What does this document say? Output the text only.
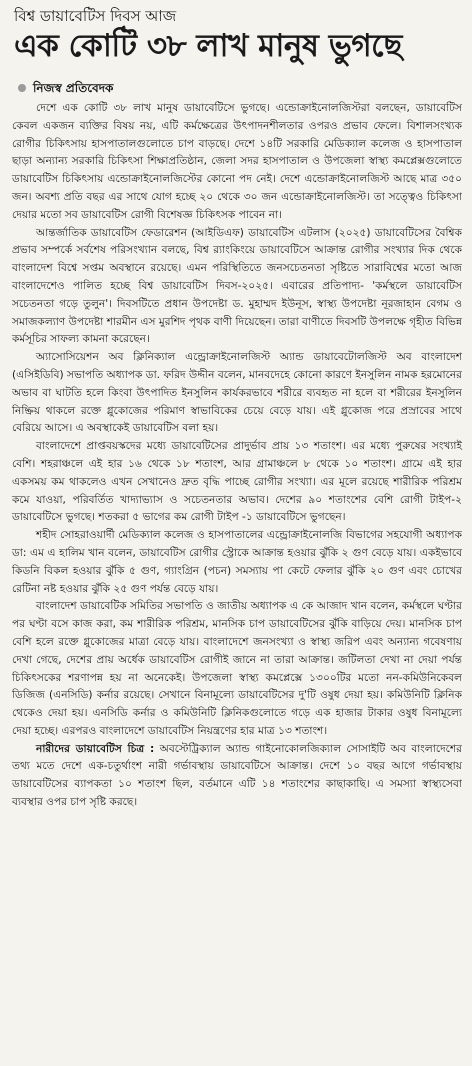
বিশ্ব ডায়াবেটিস দিবস আজ
এক কোটি ৩৮ লাখ মানুষ ভুগছে
নিজস্ব প্রতিবেদক

দেশে এক কোটি ৩৮ লাখ মানুষ ডায়াবেটিসে ভুগছে। এন্ডোক্রাইনোলজিস্টরা বলছেন, ডায়াবেটিস কেবল একজন ব্যক্তির বিষয় নয়, এটি কর্মক্ষেত্রের উৎপাদনশীলতার ওপরও প্রভাব ফেলে। বিশালসংখ্যক রোগীর চিকিৎসায় হাসপাতালগুলোতে চাপ বাড়ছে। দেশে ১৪টি সরকারি মেডিক্যাল কলেজ ও হাসপাতাল ছাড়া অন্যান্য সরকারি চিকিৎসা শিক্ষাপ্রতিষ্ঠান, জেলা সদর হাসপাতাল ও উপজেলা স্বাস্থ্য কমপ্লেক্সগুলোতে ডায়াবেটিস চিকিৎসায় এন্ডোক্রাইনোলজিস্টের কোনো পদ নেই। দেশে এন্ডোক্রাইনোলজিস্ট আছে মাত্র ৩৫০ জন। অবশ্য প্রতি বছর এর সাথে যোগ হচ্ছে ২০ থেকে ৩০ জন এন্ডোক্রাইনোলজিস্ট। তা সত্ত্বেও চিকিৎসা দেয়ার মতো সব ডায়াবেটিস রোগী বিশেষজ্ঞ চিকিৎসক পাবেন না।

আন্তর্জাতিক ডায়াবেটিস ফেডারেশন (আইডিএফ) ডায়াবেটিস এটলাস (২০২৫) ডায়াবেটিসের বৈশ্বিক প্রভাব সম্পর্কে সর্বশেষ পরিসংখ্যান বলছে, বিশ্ব র‌্যাংকিংয়ে ডায়াবেটিসে আক্রান্ত রোগীর সংখ্যার দিক থেকে বাংলাদেশ বিশ্বে সপ্তম অবস্থানে রয়েছে। এমন পরিস্থিতিতে জনসচেতনতা সৃষ্টিতে সারাবিশ্বের মতো আজ বাংলাদেশেও পালিত হচ্ছে বিশ্ব ডায়াবেটিস দিবস-২০২৫। এবারের প্রতিপাদ্য- 'কর্মস্থলে ডায়াবেটিস সচেতনতা গড়ে তুলুন'। দিবসটিতে প্রধান উপদেষ্টা ড. মুহাম্মদ ইউনূস, স্বাস্থ্য উপদেষ্টা নূরজাহান বেগম ও সমাজকল্যাণ উপদেষ্টা শারমীন এস মুরশিদ পৃথক বাণী দিয়েছেন। তারা বাণীতে দিবসটি উপলক্ষে গৃহীত বিভিন্ন কর্মসূচির সাফল্য কামনা করেছেন।

অ্যাসোসিয়েশন অব ক্লিনিক্যাল এন্ড্রোক্রাইনোলজিস্ট অ্যান্ড ডায়াবেটোলজিস্ট অব বাংলাদেশ (এসিইডিবি) সভাপতি অধ্যাপক ডা. ফরিদ উদ্দীন বলেন, মানবদেহে কোনো কারণে ইনসুলিন নামক হরমোনের অভাব বা ঘাটতি হলে কিংবা উৎপাদিত ইনসুলিন কার্যকরভাবে শরীরে ব্যবহৃত না হলে বা শরীরের ইনসুলিন নিষ্ক্রিয় থাকলে রক্তে গ্লুকোজের পরিমাণ স্বাভাবিকের চেয়ে বেড়ে যায়। এই গ্লুকোজ পরে প্রস্রাবের সাথে বেরিয়ে আসে। এ অবস্থাকেই ডায়াবেটিস বলা হয়।

বাংলাদেশে প্রাপ্তবয়স্কদের মধ্যে ডায়াবেটিসের প্রাদুর্ভাব প্রায় ১৩ শতাংশ। এর মধ্যে পুরুষের সংখ্যাই বেশি। শহরাঞ্চলে এই হার ১৬ থেকে ১৮ শতাংশ, আর গ্রামাঞ্চলে ৮ থেকে ১০ শতাংশ। গ্রামে এই হার একসময় কম থাকলেও এখন সেখানেও দ্রুত বৃদ্ধি পাচ্ছে রোগীর সংখ্যা। এর মূলে রয়েছে শারীরিক পরিশ্রম কমে যাওয়া, পরিবর্তিত খাদ্যাভ্যাস ও সচেতনতার অভাব। দেশের ৯০ শতাংশের বেশি রোগী টাইপ-২ ডায়াবেটিসে ভুগছে। শতকরা ৫ ভাগের কম রোগী টাইপ -১ ডায়াবেটিসে ভুগছেন।

শহীদ সোহরাওয়ার্দী মেডিক্যাল কলেজ ও হাসপাতালের এন্ড্রোক্রাইনোলজি বিভাগের সহযোগী অধ্যাপক ডা: এম এ হালিম খান বলেন, ডায়াবেটিস রোগীর স্ট্রোকে আক্রান্ত হওয়ার ঝুঁকি ২ গুণ বেড়ে যায়। একইভাবে কিডনি বিকল হওয়ার ঝুঁকি ৫ গুণ, গ্যাংগ্রিন (পচন) সমস্যায় পা কেটে ফেলার ঝুঁকি ২০ গুণ এবং চোখের রেটিনা নষ্ট হওয়ার ঝুঁকি ২৫ গুণ পর্যন্ত বেড়ে যায়।

বাংলাদেশ ডায়াবেটিক সমিতির সভাপতি ও জাতীয় অধ্যাপক এ কে আজাদ খান বলেন, কর্মস্থলে ঘণ্টার পর ঘণ্টা বসে কাজ করা, কম শারীরিক পরিশ্রম, মানসিক চাপ ডায়াবেটিসের ঝুঁকি বাড়িয়ে দেয়। মানসিক চাপ বেশি হলে রক্তে গ্লুকোজের মাত্রা বেড়ে যায়। বাংলাদেশে জনসংখ্যা ও স্বাস্থ্য জরিপ এবং অন্যান্য গবেষণায় দেখা গেছে, দেশের প্রায় অর্ধেক ডায়াবেটিস রোগীই জানে না তারা আক্রান্ত। জটিলতা দেখা না দেয়া পর্যন্ত চিকিৎসকের শরণাপন্ন হয় না অনেকেই। উপজেলা স্বাস্থ্য কমপ্লেক্সে ১৩০০টির মতো নন-কমিউনিকেবল ডিজিজ (এনসিডি) কর্নার রয়েছে। সেখানে বিনামূল্যে ডায়াবেটিসের দু'টি ওষুধ দেয়া হয়। কমিউনিটি ক্লিনিক থেকেও দেয়া হয়। এনসিডি কর্নার ও কমিউনিটি ক্লিনিকগুলোতে গড়ে এক হাজার টাকার ওষুধ বিনামূল্যে দেয়া হচ্ছে। এরপরও বাংলাদেশে ডায়াবেটিস নিয়ন্ত্রণের হার মাত্র ১৩ শতাংশ।

নারীদের ডায়াবেটিস চিত্র : অবস্টেট্রিক্যাল অ্যান্ড গাইনোকোলজিক্যাল সোসাইটি অব বাংলাদেশের তথ্য মতে দেশে এক-চতুর্থাংশ নারী গর্ভাবস্থায় ডায়াবেটিসে আক্রান্ত। দেশে ১০ বছর আগে গর্ভাবস্থায় ডায়াবেটিসের ব্যাপকতা ১০ শতাংশ ছিল, বর্তমানে এটি ১৪ শতাংশের কাছাকাছি। এ সমস্যা স্বাস্থ্যসেবা ব্যবস্থার ওপর চাপ সৃষ্টি করছে।
